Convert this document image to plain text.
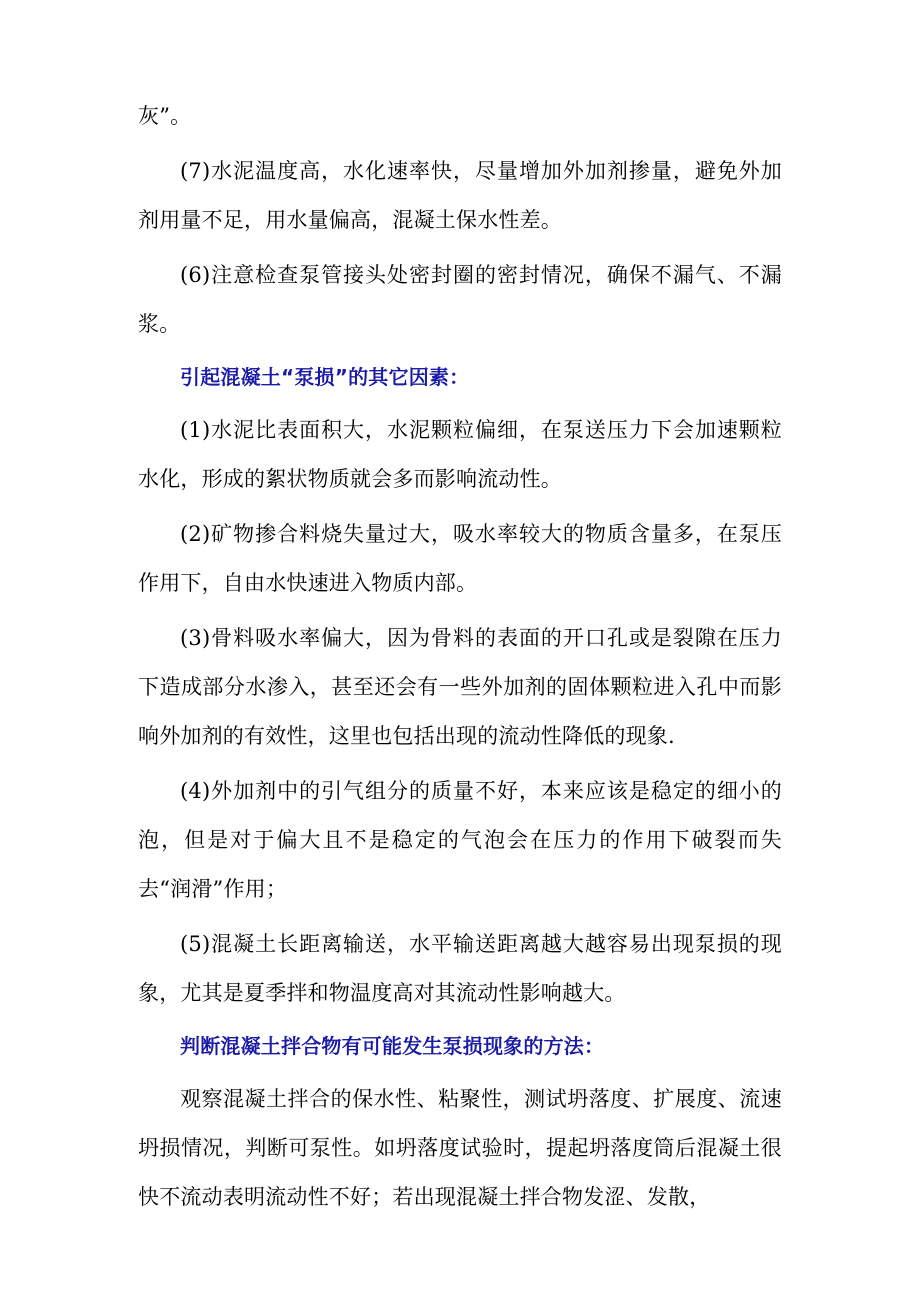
灰”。

(7)水泥温度高，水化速率快，尽量增加外加剂掺量，避免外加剂用量不足，用水量偏高，混凝土保水性差。

(6)注意检查泵管接头处密封圈的密封情况，确保不漏气、不漏浆。

引起混凝土“泵损”的其它因素：

(1)水泥比表面积大，水泥颗粒偏细，在泵送压力下会加速颗粒水化，形成的絮状物质就会多而影响流动性。

(2)矿物掺合料烧失量过大，吸水率较大的物质含量多，在泵压作用下，自由水快速进入物质内部。

(3)骨料吸水率偏大，因为骨料的表面的开口孔或是裂隙在压力下造成部分水渗入，甚至还会有一些外加剂的固体颗粒进入孔中而影响外加剂的有效性，这里也包括出现的流动性降低的现象.

(4)外加剂中的引气组分的质量不好，本来应该是稳定的细小的泡，但是对于偏大且不是稳定的气泡会在压力的作用下破裂而失去“润滑”作用；

(5)混凝土长距离输送，水平输送距离越大越容易出现泵损的现象，尤其是夏季拌和物温度高对其流动性影响越大。

判断混凝土拌合物有可能发生泵损现象的方法：

观察混凝土拌合的保水性、粘聚性，测试坍落度、扩展度、流速坍损情况，判断可泵性。如坍落度试验时，提起坍落度筒后混凝土很快不流动表明流动性不好；若出现混凝土拌合物发涩、发散，
